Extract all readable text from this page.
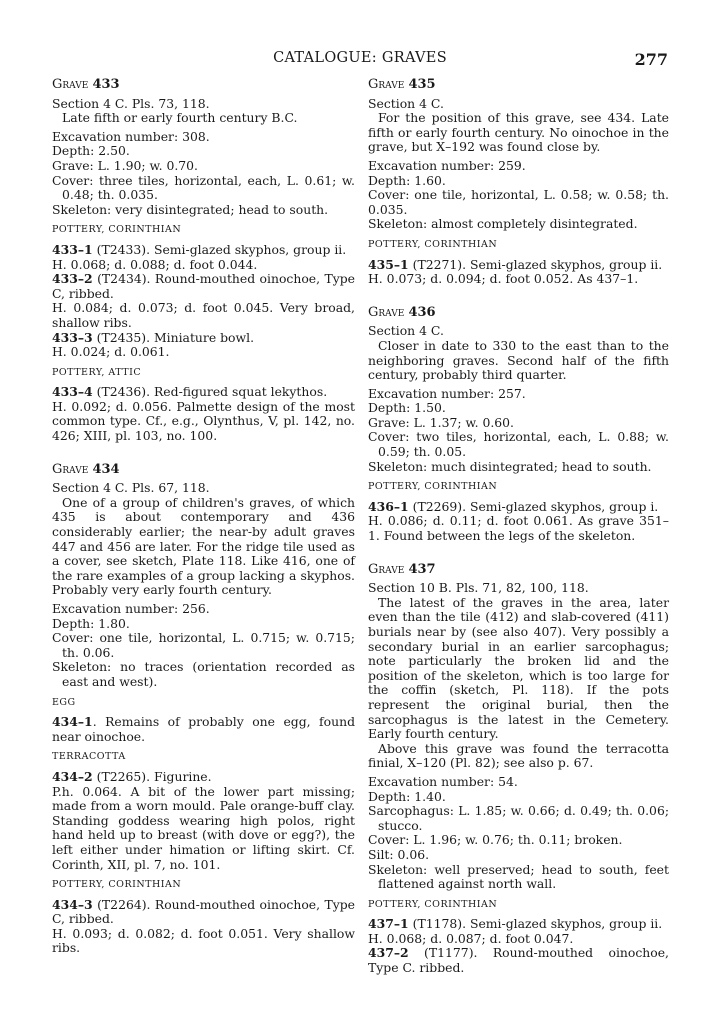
CATALOGUE: GRAVES	277
Grave 433
Section 4 C. Pls. 73, 118.
Late fifth or early fourth century B.C.
Excavation number: 308.
Depth: 2.50.
Grave: L. 1.90; w. 0.70.
Cover: three tiles, horizontal, each, L. 0.61; w. 0.48; th. 0.035.
Skeleton: very disintegrated; head to south.
POTTERY, CORINTHIAN
433–1 (T2433). Semi-glazed skyphos, group ii.
H. 0.068; d. 0.088; d. foot 0.044.
433–2 (T2434). Round-mouthed oinochoe, Type C, ribbed.
H. 0.084; d. 0.073; d. foot 0.045. Very broad, shallow ribs.
433–3 (T2435). Miniature bowl.
H. 0.024; d. 0.061.
POTTERY, ATTIC
433–4 (T2436). Red-figured squat lekythos.
H. 0.092; d. 0.056. Palmette design of the most common type. Cf., e.g., Olynthus, V, pl. 142, no. 426; XIII, pl. 103, no. 100.
Grave 434
Section 4 C. Pls. 67, 118.
One of a group of children's graves, of which 435 is about contemporary and 436 considerably earlier; the near-by adult graves 447 and 456 are later. For the ridge tile used as a cover, see sketch, Plate 118. Like 416, one of the rare examples of a group lacking a skyphos. Probably very early fourth century.
Excavation number: 256.
Depth: 1.80.
Cover: one tile, horizontal, L. 0.715; w. 0.715; th. 0.06.
Skeleton: no traces (orientation recorded as east and west).
EGG
434–1. Remains of probably one egg, found near oinochoe.
TERRACOTTA
434–2 (T2265). Figurine.
P.h. 0.064. A bit of the lower part missing; made from a worn mould. Pale orange-buff clay. Standing goddess wearing high polos, right hand held up to breast (with dove or egg?), the left either under himation or lifting skirt. Cf. Corinth, XII, pl. 7, no. 101.
POTTERY, CORINTHIAN
434–3 (T2264). Round-mouthed oinochoe, Type C, ribbed.
H. 0.093; d. 0.082; d. foot 0.051. Very shallow ribs.
Grave 435
Section 4 C.
For the position of this grave, see 434. Late fifth or early fourth century. No oinochoe in the grave, but X–192 was found close by.
Excavation number: 259.
Depth: 1.60.
Cover: one tile, horizontal, L. 0.58; w. 0.58; th. 0.035.
Skeleton: almost completely disintegrated.
POTTERY, CORINTHIAN
435–1 (T2271). Semi-glazed skyphos, group ii.
H. 0.073; d. 0.094; d. foot 0.052. As 437–1.
Grave 436
Section 4 C.
Closer in date to 330 to the east than to the neighboring graves. Second half of the fifth century, probably third quarter.
Excavation number: 257.
Depth: 1.50.
Grave: L. 1.37; w. 0.60.
Cover: two tiles, horizontal, each, L. 0.88; w. 0.59; th. 0.05.
Skeleton: much disintegrated; head to south.
POTTERY, CORINTHIAN
436–1 (T2269). Semi-glazed skyphos, group i.
H. 0.086; d. 0.11; d. foot 0.061. As grave 351–1. Found between the legs of the skeleton.
Grave 437
Section 10 B. Pls. 71, 82, 100, 118.
The latest of the graves in the area, later even than the tile (412) and slab-covered (411) burials near by (see also 407). Very possibly a secondary burial in an earlier sarcophagus; note particularly the broken lid and the position of the skeleton, which is too large for the coffin (sketch, Pl. 118). If the pots represent the original burial, then the sarcophagus is the latest in the Cemetery. Early fourth century.
Above this grave was found the terracotta finial, X–120 (Pl. 82); see also p. 67.
Excavation number: 54.
Depth: 1.40.
Sarcophagus: L. 1.85; w. 0.66; d. 0.49; th. 0.06; stucco.
Cover: L. 1.96; w. 0.76; th. 0.11; broken.
Silt: 0.06.
Skeleton: well preserved; head to south, feet flattened against north wall.
POTTERY, CORINTHIAN
437–1 (T1178). Semi-glazed skyphos, group ii.
H. 0.068; d. 0.087; d. foot 0.047.
437–2 (T1177). Round-mouthed oinochoe, Type C. ribbed.
